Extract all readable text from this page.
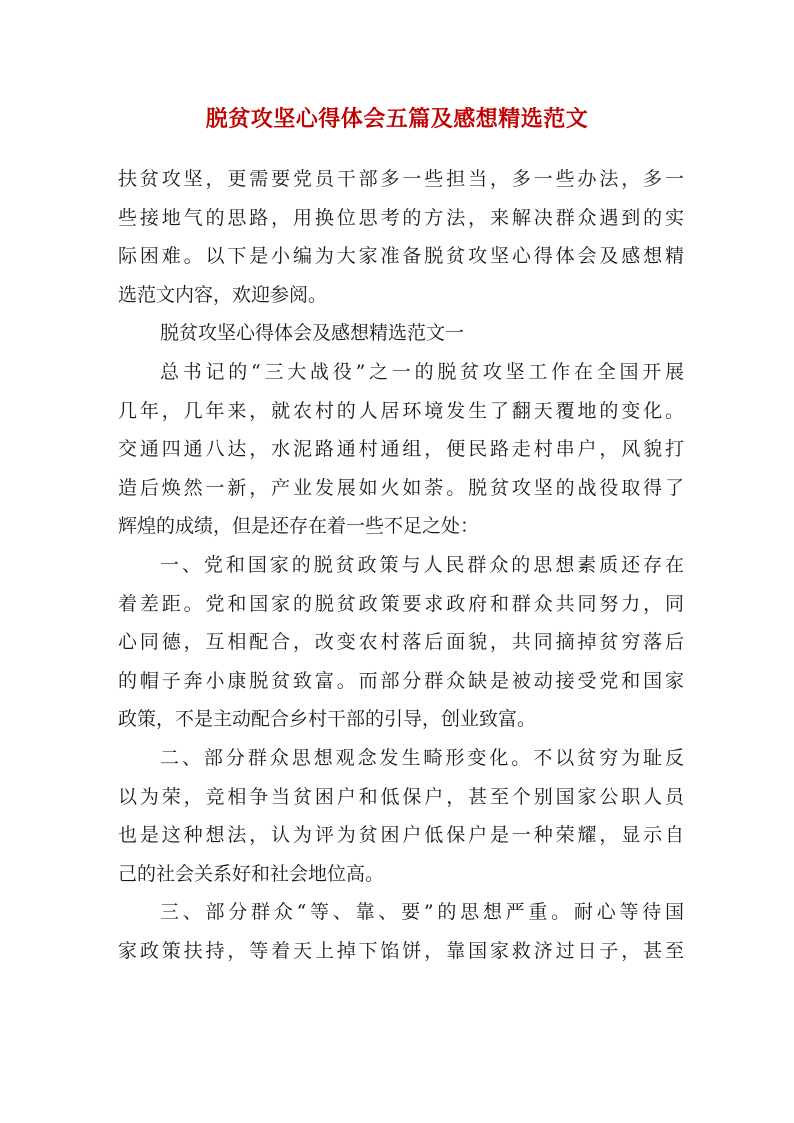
脱贫攻坚心得体会五篇及感想精选范文
扶贫攻坚，更需要党员干部多一些担当，多一些办法，多一
些接地气的思路，用换位思考的方法，来解决群众遇到的实
际困难。以下是小编为大家准备脱贫攻坚心得体会及感想精
选范文内容，欢迎参阅。
脱贫攻坚心得体会及感想精选范文一
总书记的“三大战役”之一的脱贫攻坚工作在全国开展
几年，几年来，就农村的人居环境发生了翻天覆地的变化。
交通四通八达，水泥路通村通组，便民路走村串户，风貌打
造后焕然一新，产业发展如火如荼。脱贫攻坚的战役取得了
辉煌的成绩，但是还存在着一些不足之处：
一、党和国家的脱贫政策与人民群众的思想素质还存在
着差距。党和国家的脱贫政策要求政府和群众共同努力，同
心同德，互相配合，改变农村落后面貌，共同摘掉贫穷落后
的帽子奔小康脱贫致富。而部分群众缺是被动接受党和国家
政策，不是主动配合乡村干部的引导，创业致富。
二、部分群众思想观念发生畸形变化。不以贫穷为耻反
以为荣，竞相争当贫困户和低保户，甚至个别国家公职人员
也是这种想法，认为评为贫困户低保户是一种荣耀，显示自
己的社会关系好和社会地位高。
三、部分群众“等、靠、要”的思想严重。耐心等待国
家政策扶持，等着天上掉下馅饼，靠国家救济过日子，甚至
